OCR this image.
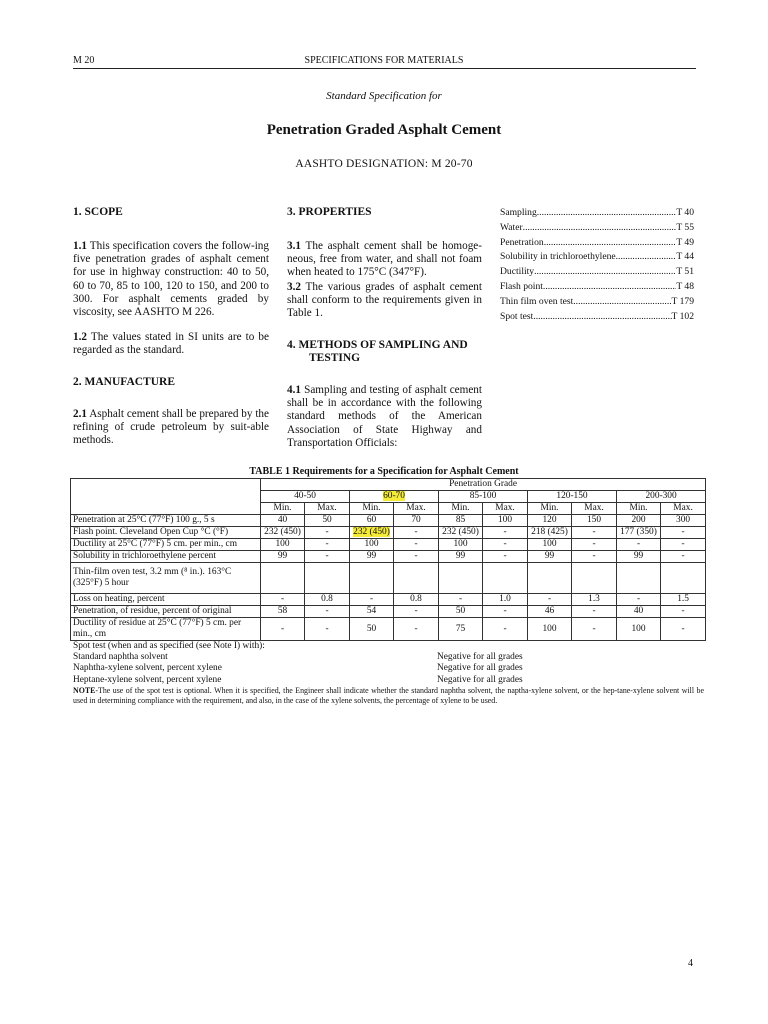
M 20	SPECIFICATIONS FOR MATERIALS
Standard Specification for
Penetration Graded Asphalt Cement
AASHTO DESIGNATION: M 20-70

1. SCOPE

1.1 This specification covers the follow-ing five penetration grades of asphalt cement for use in highway construction: 40 to 50, 60 to 70, 85 to 100, 120 to 150, and 200 to 300. For asphalt cements graded by viscosity, see AASHTO M 226.

1.2 The values stated in SI units are to be regarded as the standard.

2. MANUFACTURE

2.1 Asphalt cement shall be prepared by the refining of crude petroleum by suit-able methods.

3. PROPERTIES

3.1 The asphalt cement shall be homoge-neous, free from water, and shall not foam when heated to 175°C (347°F).

3.2 The various grades of asphalt cement shall conform to the requirements given in Table 1.

4. METHODS OF SAMPLING AND

TESTING

4.1 Sampling and testing of asphalt cement shall be in accordance with the following standard methods of the American Association of State Highway and Transportation Officials:

Sampling .....	T 40
Water .....	T 55
Penetration .....	T 49
Solubility in trichloroethylene .....	T 44
Ductility .....	T 51
Flash point .....	T 48
Thin film oven test .....	T 179
Spot test .....	T 102
TABLE 1 Requirements for a Specification for Asphalt Cement
	Penetration Grade									
	40-50		60-70		85-100		120-150		200-300	
	Min.	Max.	Min.	Max.	Min.	Max.	Min.	Max.	Min.	Max.
Penetration at 25°C (77°F) 100 g., 5 s	40	50	60	70	85	100	120	150	200	300
Flash point. Cleveland Open Cup °C (°F)	232 (450)	-	232 (450)	-	232 (450)	-	218 (425)	-	177 (350)	-
Ductility at 25°C (77°F) 5 cm. per min., cm	100	-	100	-	100	-	100	-	-	-
Solubility in trichloroethylene percent	99	-	99	-	99	-	99	-	99	-
Thin-film oven test, 3.2 mm (⁸ in.). 163°C (325°F) 5 hour										
Loss on heating, percent	-	0.8	-	0.8	-	1.0	-	1.3	-	1.5
Penetration, of residue, percent of original	58	-	54	-	50	-	46	-	40	-
Ductility of residue at 25°C (77°F) 5 cm. per min., cm	-	-	50	-	75	-	100	-	100	-
Spot test (when and as specified (see Note I) with):
Standard naphtha solvent	Negative for all grades
Naphtha-xylene solvent, percent xylene	Negative for all grades
Heptane-xylene solvent, percent xylene	Negative for all grades
NOTE-The use of the spot test is optional. When it is specified, the Engineer shall indicate whether the standard naphtha solvent, the naptha-xylene solvent, or the hep-tane-xylene solvent will be used in determining compliance with the requirement, and also, in the case of the xylene solvents, the percentage of xylene to be used.
4
